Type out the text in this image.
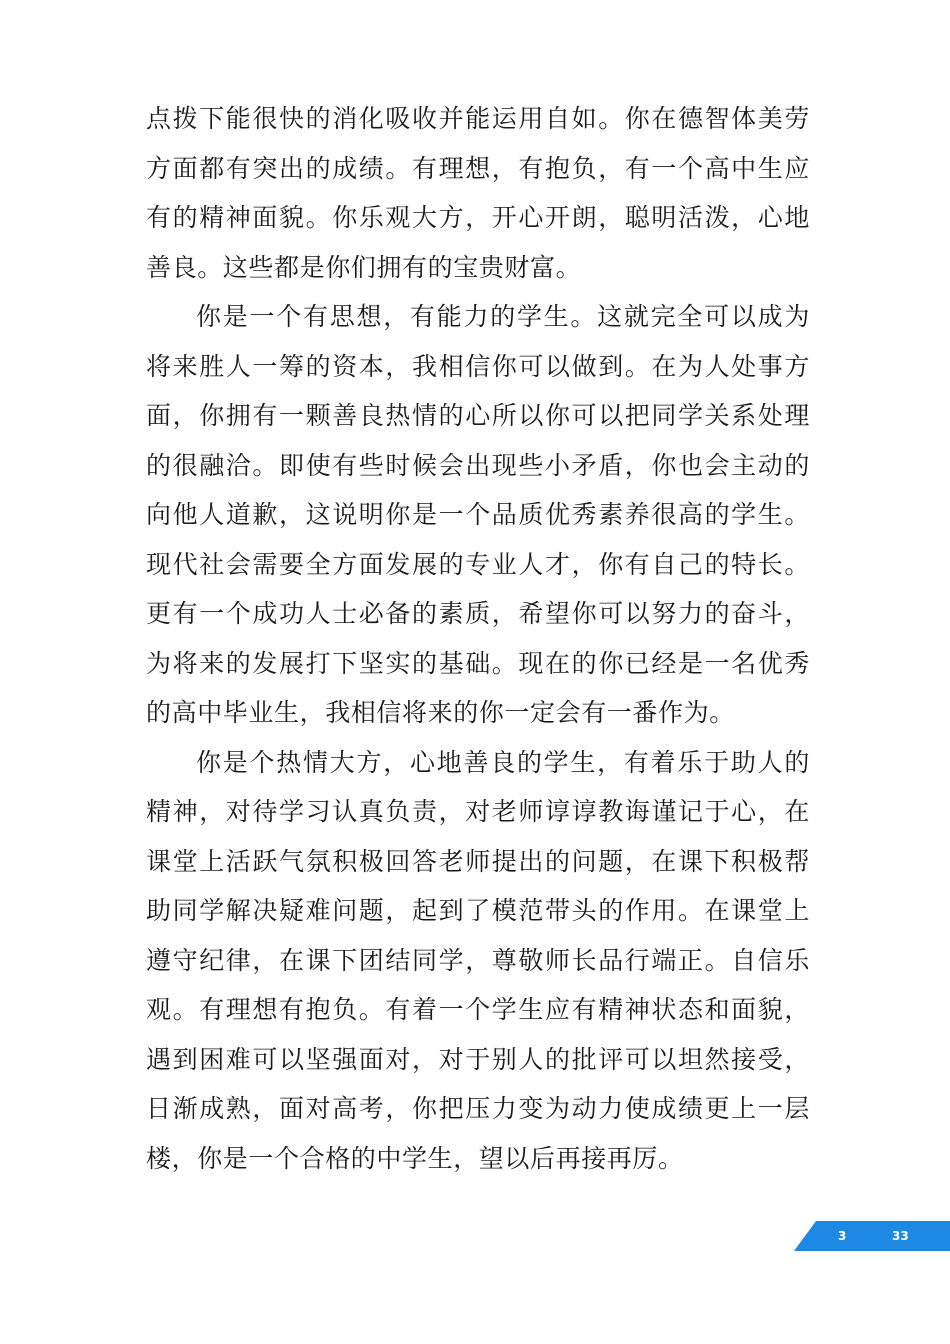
点拨下能很快的消化吸收并能运用自如。你在德智体美劳方面都有突出的成绩。有理想，有抱负，有一个高中生应有的精神面貌。你乐观大方，开心开朗，聪明活泼，心地善良。这些都是你们拥有的宝贵财富。

你是一个有思想，有能力的学生。这就完全可以成为将来胜人一筹的资本，我相信你可以做到。在为人处事方面，你拥有一颗善良热情的心所以你可以把同学关系处理的很融洽。即使有些时候会出现些小矛盾，你也会主动的向他人道歉，这说明你是一个品质优秀素养很高的学生。现代社会需要全方面发展的专业人才，你有自己的特长。更有一个成功人士必备的素质，希望你可以努力的奋斗，为将来的发展打下坚实的基础。现在的你已经是一名优秀的高中毕业生，我相信将来的你一定会有一番作为。

你是个热情大方，心地善良的学生，有着乐于助人的精神，对待学习认真负责，对老师谆谆教诲谨记于心，在课堂上活跃气氛积极回答老师提出的问题，在课下积极帮助同学解决疑难问题，起到了模范带头的作用。在课堂上遵守纪律，在课下团结同学，尊敬师长品行端正。自信乐观。有理想有抱负。有着一个学生应有精神状态和面貌，遇到困难可以坚强面对，对于别人的批评可以坦然接受，日渐成熟，面对高考，你把压力变为动力使成绩更上一层楼，你是一个合格的中学生，望以后再接再厉。

3	33
